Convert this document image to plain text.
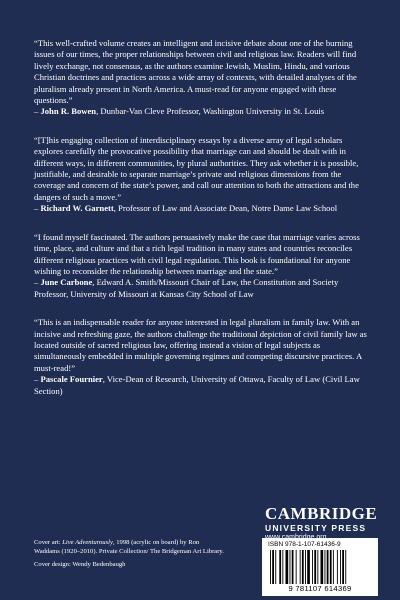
“This well-crafted volume creates an intelligent and incisive debate about one of the burning issues of our times, the proper relationships between civil and religious law. Readers will find lively exchange, not consensus, as the authors examine Jewish, Muslim, Hindu, and various Christian doctrines and practices across a wide array of contexts, with detailed analyses of the pluralism already present in North America. A must-read for anyone engaged with these questions.”

– John R. Bowen, Dunbar-Van Cleve Professor, Washington University in St. Louis

“[T]his engaging collection of interdisciplinary essays by a diverse array of legal scholars explores carefully the provocative possibility that marriage can and should be dealt with in different ways, in different communities, by plural authorities. They ask whether it is possible, justifiable, and desirable to separate marriage’s private and religious dimensions from the coverage and concern of the state’s power, and call our attention to both the attractions and the dangers of such a move.”

– Richard W. Garnett, Professor of Law and Associate Dean, Notre Dame Law School

“I found myself fascinated. The authors persuasively make the case that marriage varies across time, place, and culture and that a rich legal tradition in many states and countries reconciles different religious practices with civil legal regulation. This book is foundational for anyone wishing to reconsider the relationship between marriage and the state.”

– June Carbone, Edward A. Smith/Missouri Chair of Law, the Constitution and Society Professor, University of Missouri at Kansas City School of Law

“This is an indispensable reader for anyone interested in legal pluralism in family law. With an incisive and refreshing gaze, the authors challenge the traditional depiction of civil family law as located outside of sacred religious law, offering instead a vision of legal subjects as simultaneously embedded in multiple governing regimes and competing discursive practices. A must-read!”

– Pascale Fournier, Vice-Dean of Research, University of Ottawa, Faculty of Law (Civil Law Section)

CAMBRIDGE
UNIVERSITY PRESS

Cover art: Live Adventurously, 1998 (acrylic on board) by Ron Waddams (1920–2010). Private Collection/ The Bridgeman Art Library.

Cover design: Wendy Bedenbaugh

ISBN 978-1-107-61436-9
9 781107 614369
